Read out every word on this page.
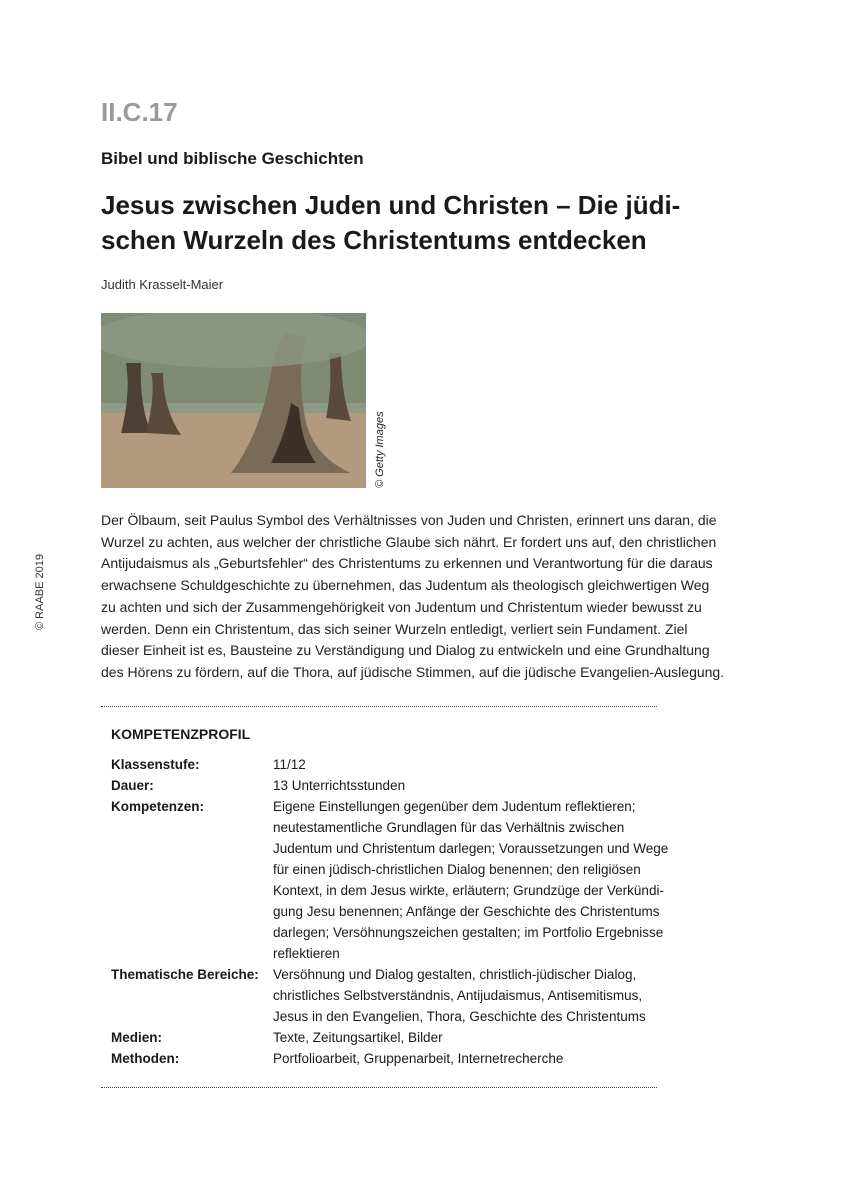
© RAABE 2019
II.C.17
Bibel und biblische Geschichten
Jesus zwischen Juden und Christen – Die jüdi-
schen Wurzeln des Christentums entdecken
Judith Krasselt-Maier
© Getty Images
Der Ölbaum, seit Paulus Symbol des Verhältnisses von Juden und Christen, erinnert uns daran, die
Wurzel zu achten, aus welcher der christliche Glaube sich nährt. Er fordert uns auf, den christlichen
Antijudaismus als „Geburtsfehler“ des Christentums zu erkennen und Verantwortung für die daraus
erwachsene Schuldgeschichte zu übernehmen, das Judentum als theologisch gleichwertigen Weg
zu achten und sich der Zusammengehörigkeit von Judentum und Christentum wieder bewusst zu
werden. Denn ein Christentum, das sich seiner Wurzeln entledigt, verliert sein Fundament. Ziel
dieser Einheit ist es, Bausteine zu Verständigung und Dialog zu entwickeln und eine Grundhaltung
des Hörens zu fördern, auf die Thora, auf jüdische Stimmen, auf die jüdische Evangelien-Auslegung.
KOMPETENZPROFIL
Klassenstufe:	11/12
Dauer:	13 Unterrichtsstunden
Kompetenzen:	Eigene Einstellungen gegenüber dem Judentum reflektieren;
neutestamentliche Grundlagen für das Verhältnis zwischen
Judentum und Christentum darlegen; Voraussetzungen und Wege
für einen jüdisch-christlichen Dialog benennen; den religiösen
Kontext, in dem Jesus wirkte, erläutern; Grundzüge der Verkündi-
gung Jesu benennen; Anfänge der Geschichte des Christentums
darlegen; Versöhnungszeichen gestalten; im Portfolio Ergebnisse
reflektieren
Thematische Bereiche:	Versöhnung und Dialog gestalten, christlich-jüdischer Dialog,
christliches Selbstverständnis, Antijudaismus, Antisemitismus,
Jesus in den Evangelien, Thora, Geschichte des Christentums
Medien:	Texte, Zeitungsartikel, Bilder
Methoden:	Portfolioarbeit, Gruppenarbeit, Internetrecherche
